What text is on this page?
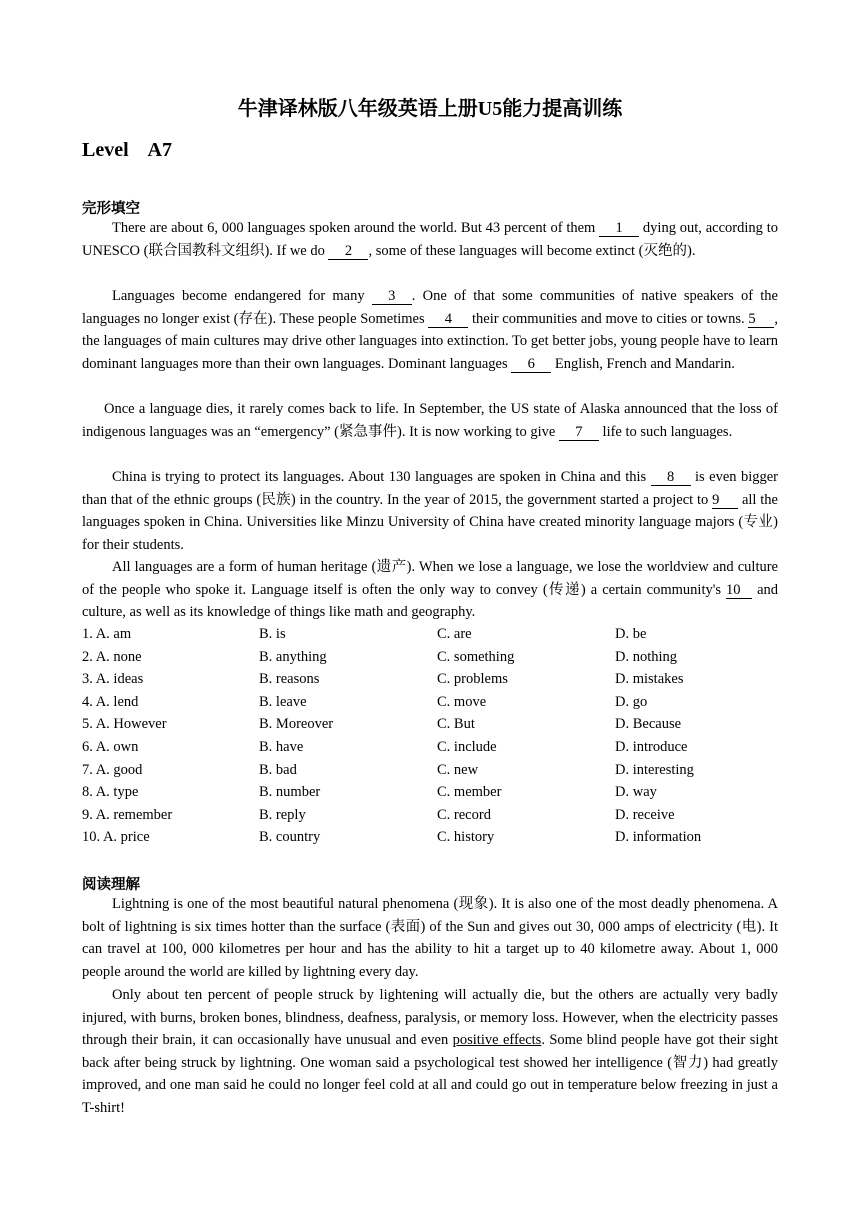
牛津译林版八年级英语上册U5能力提高训练
Level    A7
完形填空
There are about 6, 000 languages spoken around the world. But 43 percent of them 1 dying out, according to UNESCO (联合国教科文组织). If we do 2 , some of these languages will become extinct (灭绝的).
Languages become endangered for many 3 . One of that some communities of native speakers of the languages no longer exist (存在). These people Sometimes 4 their communities and move to cities or towns. 5 , the languages of main cultures may drive other languages into extinction. To get better jobs, young people have to learn dominant languages more than their own languages. Dominant languages 6 English, French and Mandarin.
Once a language dies, it rarely comes back to life. In September, the US state of Alaska announced that the loss of indigenous languages was an “emergency” (紧急事件). It is now working to give 7 life to such languages.
China is trying to protect its languages. About 130 languages are spoken in China and this 8 is even bigger than that of the ethnic groups (民族) in the country. In the year of 2015, the government started a project to 9 all the languages spoken in China. Universities like Minzu University of China have created minority language majors (专业) for their students.
All languages are a form of human heritage (遗产). When we lose a language, we lose the worldview and culture of the people who spoke it. Language itself is often the only way to convey (传递) a certain community's 10 and culture, as well as its knowledge of things like math and geography.
1. A. am	B. is	C. are	D. be
2. A. none	B. anything	C. something	D. nothing
3. A. ideas	B. reasons	C. problems	D. mistakes
4. A. lend	B. leave	C. move	D. go
5. A. However	B. Moreover	C. But	D. Because
6. A. own	B. have	C. include	D. introduce
7. A. good	B. bad	C. new	D. interesting
8. A. type	B. number	C. member	D. way
9. A. remember	B. reply	C. record	D. receive
10. A. price	B. country	C. history	D. information
阅读理解
Lightning is one of the most beautiful natural phenomena (现象). It is also one of the most deadly phenomena. A bolt of lightning is six times hotter than the surface (表面) of the Sun and gives out 30, 000 amps of electricity (电). It can travel at 100, 000 kilometres per hour and has the ability to hit a target up to 40 kilometre away. About 1, 000 people around the world are killed by lightning every day.
Only about ten percent of people struck by lightening will actually die, but the others are actually very badly injured, with burns, broken bones, blindness, deafness, paralysis, or memory loss. However, when the electricity passes through their brain, it can occasionally have unusual and even positive effects. Some blind people have got their sight back after being struck by lightning. One woman said a psychological test showed her intelligence (智力) had greatly improved, and one man said he could no longer feel cold at all and could go out in temperature below freezing in just a T-shirt!
